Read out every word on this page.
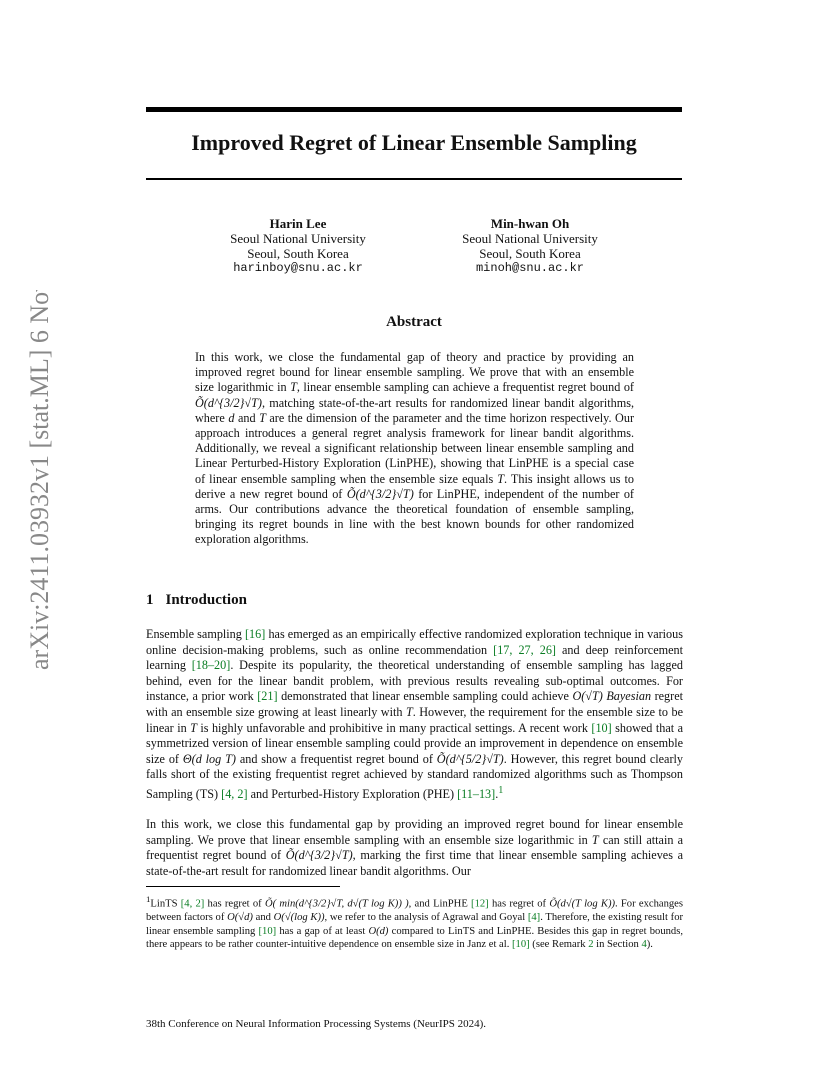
arXiv:2411.03932v1 [stat.ML] 6 Nov 2024
Improved Regret of Linear Ensemble Sampling
Harin Lee
Seoul National University
Seoul, South Korea
harinboy@snu.ac.kr
Min-hwan Oh
Seoul National University
Seoul, South Korea
minoh@snu.ac.kr
Abstract
In this work, we close the fundamental gap of theory and practice by providing an improved regret bound for linear ensemble sampling. We prove that with an ensemble size logarithmic in T, linear ensemble sampling can achieve a frequentist regret bound of Õ(d^{3/2}√T), matching state-of-the-art results for randomized linear bandit algorithms, where d and T are the dimension of the parameter and the time horizon respectively. Our approach introduces a general regret analysis framework for linear bandit algorithms. Additionally, we reveal a significant relationship between linear ensemble sampling and Linear Perturbed-History Exploration (LinPHE), showing that LinPHE is a special case of linear ensemble sampling when the ensemble size equals T. This insight allows us to derive a new regret bound of Õ(d^{3/2}√T) for LinPHE, independent of the number of arms. Our contributions advance the theoretical foundation of ensemble sampling, bringing its regret bounds in line with the best known bounds for other randomized exploration algorithms.
1 Introduction
Ensemble sampling [16] has emerged as an empirically effective randomized exploration technique in various online decision-making problems, such as online recommendation [17, 27, 26] and deep reinforcement learning [18–20]. Despite its popularity, the theoretical understanding of ensemble sampling has lagged behind, even for the linear bandit problem, with previous results revealing sub-optimal outcomes. For instance, a prior work [21] demonstrated that linear ensemble sampling could achieve O(√T) Bayesian regret with an ensemble size growing at least linearly with T. However, the requirement for the ensemble size to be linear in T is highly unfavorable and prohibitive in many practical settings. A recent work [10] showed that a symmetrized version of linear ensemble sampling could provide an improvement in dependence on ensemble size of Θ(d log T) and show a frequentist regret bound of Õ(d^{5/2}√T). However, this regret bound clearly falls short of the existing frequentist regret achieved by standard randomized algorithms such as Thompson Sampling (TS) [4, 2] and Perturbed-History Exploration (PHE) [11–13].$^1$
In this work, we close this fundamental gap by providing an improved regret bound for linear ensemble sampling. We prove that linear ensemble sampling with an ensemble size logarithmic in T can still attain a frequentist regret bound of Õ(d^{3/2}√T), marking the first time that linear ensemble sampling achieves a state-of-the-art result for randomized linear bandit algorithms. Our
$^1$LinTS [4, 2] has regret of Õ( min(d^{3/2}√T, d√(T log K)) ), and LinPHE [12] has regret of Õ(d√(T log K)). For exchanges between factors of O(√d) and O(√(log K)), we refer to the analysis of Agrawal and Goyal [4]. Therefore, the existing result for linear ensemble sampling [10] has a gap of at least O(d) compared to LinTS and LinPHE. Besides this gap in regret bounds, there appears to be rather counter-intuitive dependence on ensemble size in Janz et al. [10] (see Remark 2 in Section 4).
38th Conference on Neural Information Processing Systems (NeurIPS 2024).
